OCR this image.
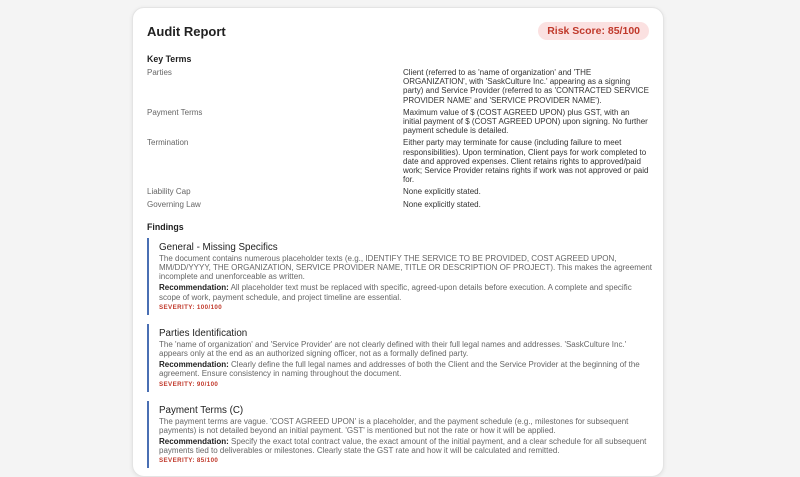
Audit Report	Risk Score: 85/100
Key Terms
Parties	Client (referred to as 'name of organization' and 'THE ORGANIZATION', with 'SaskCulture Inc.' appearing as a signing party) and Service Provider (referred to as 'CONTRACTED SERVICE PROVIDER NAME' and 'SERVICE PROVIDER NAME').
Payment Terms	Maximum value of $ (COST AGREED UPON) plus GST, with an initial payment of $ (COST AGREED UPON) upon signing. No further payment schedule is detailed.
Termination	Either party may terminate for cause (including failure to meet responsibilities). Upon termination, Client pays for work completed to date and approved expenses. Client retains rights to approved/paid work; Service Provider retains rights if work was not approved or paid for.
Liability Cap	None explicitly stated.
Governing Law	None explicitly stated.
Findings
General - Missing Specifics
The document contains numerous placeholder texts (e.g., IDENTIFY THE SERVICE TO BE PROVIDED, COST AGREED UPON, MM/DD/YYYY, THE ORGANIZATION, SERVICE PROVIDER NAME, TITLE OR DESCRIPTION OF PROJECT). This makes the agreement incomplete and unenforceable as written.
Recommendation: All placeholder text must be replaced with specific, agreed-upon details before execution. A complete and specific scope of work, payment schedule, and project timeline are essential.
SEVERITY: 100/100
Parties Identification
The 'name of organization' and 'Service Provider' are not clearly defined with their full legal names and addresses. 'SaskCulture Inc.' appears only at the end as an authorized signing officer, not as a formally defined party.
Recommendation: Clearly define the full legal names and addresses of both the Client and the Service Provider at the beginning of the agreement. Ensure consistency in naming throughout the document.
SEVERITY: 90/100
Payment Terms (C)
The payment terms are vague. 'COST AGREED UPON' is a placeholder, and the payment schedule (e.g., milestones for subsequent payments) is not detailed beyond an initial payment. 'GST' is mentioned but not the rate or how it will be applied.
Recommendation: Specify the exact total contract value, the exact amount of the initial payment, and a clear schedule for all subsequent payments tied to deliverables or milestones. Clearly state the GST rate and how it will be calculated and remitted.
SEVERITY: 85/100
